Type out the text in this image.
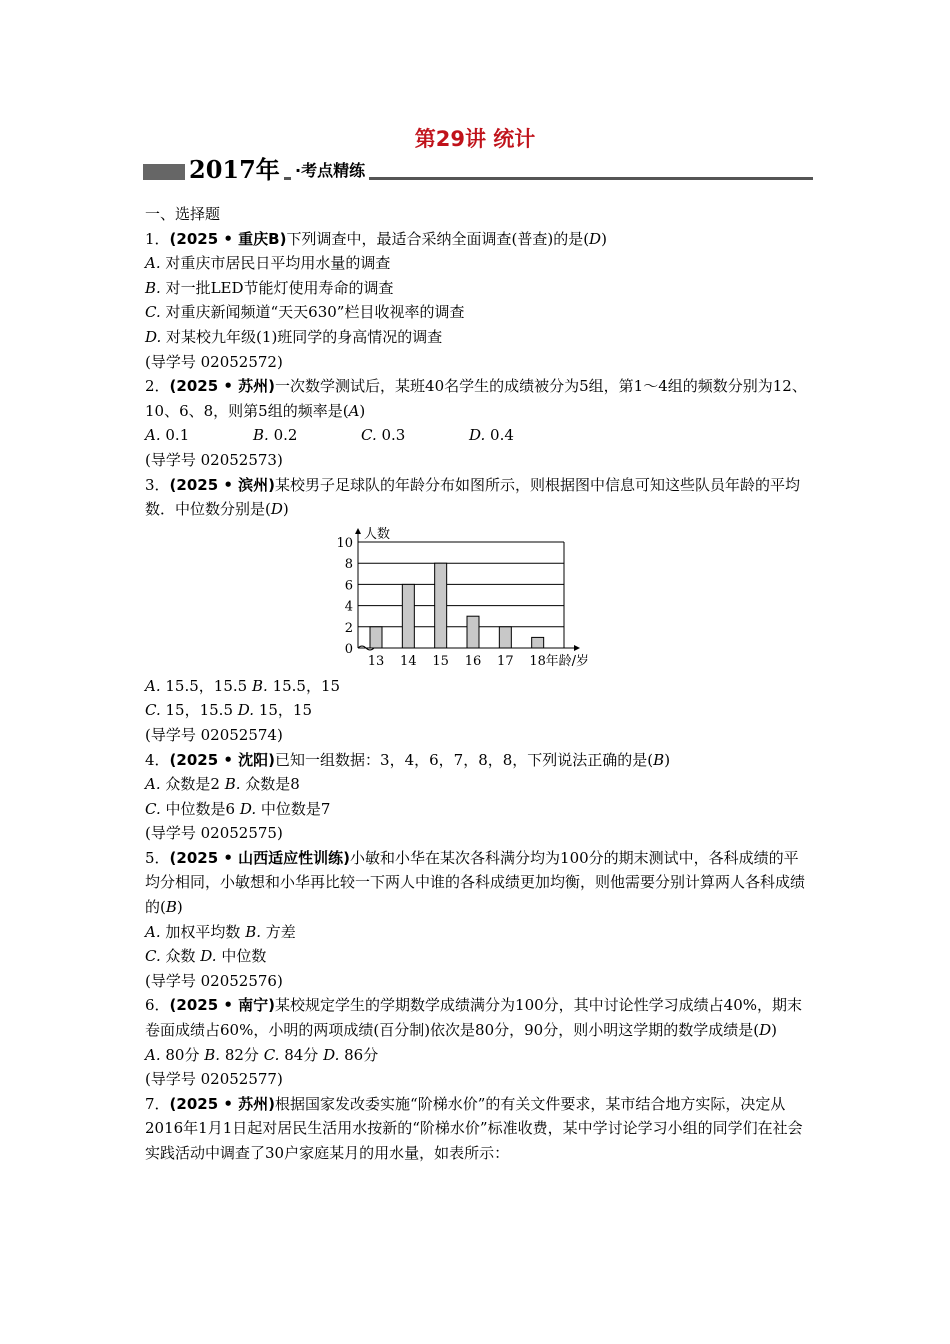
第29讲 统计
2017年 ·考点精练

一、选择题

1．(2025 • 重庆B)下列调查中，最适合采纳全面调查(普查)的是(D)

A. 对重庆市居民日平均用水量的调查

B. 对一批LED节能灯使用寿命的调查

C. 对重庆新闻频道“天天630”栏目收视率的调查

D. 对某校九年级(1)班同学的身高情况的调查

(导学号 02052572)

2．(2025 • 苏州)一次数学测试后，某班40名学生的成绩被分为5组，第1～4组的频数分别为12、10、6、8，则第5组的频率是(A)

A. 0.1	B. 0.2	C. 0.3	D. 0.4

(导学号 02052573)

3．(2025 • 滨州)某校男子足球队的年龄分布如图所示，则根据图中信息可知这些队员年龄的平均数．中位数分别是(D)

0
2
4
6
8
10
人数
13 14 15 16 17 18 年龄/岁

A. 15.5，15.5 B. 15.5，15

C. 15，15.5 D. 15，15

(导学号 02052574)

4．(2025 • 沈阳)已知一组数据：3，4，6，7，8，8，下列说法正确的是(B)

A. 众数是2 B. 众数是8

C. 中位数是6 D. 中位数是7

(导学号 02052575)

5．(2025 • 山西适应性训练)小敏和小华在某次各科满分均为100分的期末测试中，各科成绩的平均分相同，小敏想和小华再比较一下两人中谁的各科成绩更加均衡，则他需要分别计算两人各科成绩的(B)

A. 加权平均数 B. 方差

C. 众数 D. 中位数

(导学号 02052576)

6．(2025 • 南宁)某校规定学生的学期数学成绩满分为100分，其中讨论性学习成绩占40%，期末卷面成绩占60%，小明的两项成绩(百分制)依次是80分，90分，则小明这学期的数学成绩是(D)

A. 80分 B. 82分 C. 84分 D. 86分

(导学号 02052577)

7．(2025 • 苏州)根据国家发改委实施“阶梯水价”的有关文件要求，某市结合地方实际，决定从2016年1月1日起对居民生活用水按新的“阶梯水价”标准收费，某中学讨论学习小组的同学们在社会实践活动中调查了30户家庭某月的用水量，如表所示：
